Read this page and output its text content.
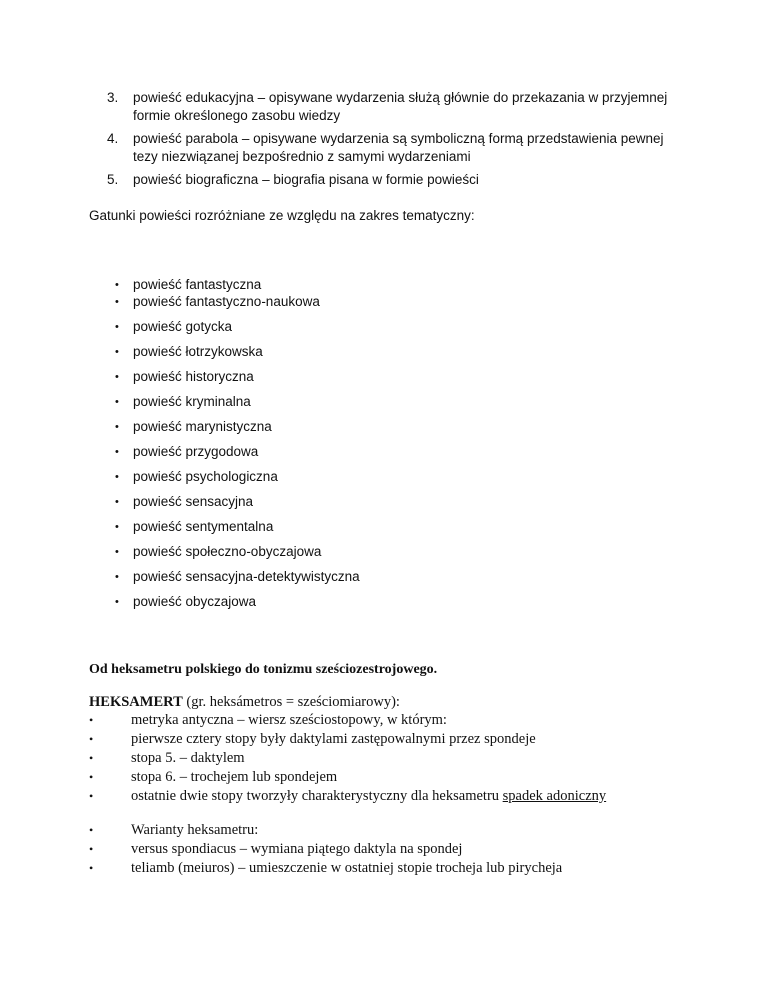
3.	powieść edukacyjna – opisywane wydarzenia służą głównie do przekazania w przyjemnej formie określonego zasobu wiedzy
4.	powieść parabola – opisywane wydarzenia są symboliczną formą przedstawienia pewnej tezy niezwiązanej bezpośrednio z samymi wydarzeniami
5.	powieść biograficzna – biografia pisana w formie powieści
Gatunki powieści rozróżniane ze względu na zakres tematyczny:
•	powieść fantastyczna
•	powieść fantastyczno-naukowa
•	powieść gotycka
•	powieść łotrzykowska
•	powieść historyczna
•	powieść kryminalna
•	powieść marynistyczna
•	powieść przygodowa
•	powieść psychologiczna
•	powieść sensacyjna
•	powieść sentymentalna
•	powieść społeczno-obyczajowa
•	powieść sensacyjna-detektywistyczna
•	powieść obyczajowa
Od heksametru polskiego do tonizmu sześciozestrojowego.
HEKSAMERT (gr. heksámetros = sześciomiarowy):
•	metryka antyczna – wiersz sześciostopowy, w którym:
•	pierwsze cztery stopy były daktylami zastępowalnymi przez spondeje
•	stopa 5. – daktylem
•	stopa 6. – trochejem lub spondejem
•	ostatnie dwie stopy tworzyły charakterystyczny dla heksametru spadek adoniczny
•	Warianty heksametru:
•	versus spondiacus – wymiana piątego daktyla na spondej
•	teliamb (meiuros) – umieszczenie w ostatniej stopie trocheja lub pirycheja
